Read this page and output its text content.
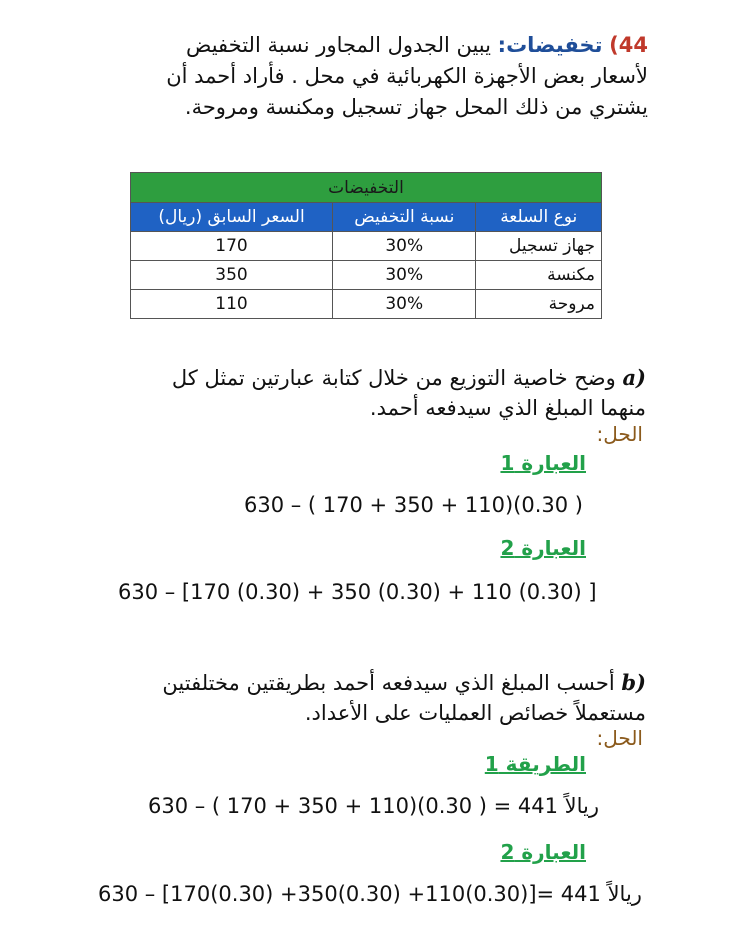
44) تخفيضات: يبين الجدول المجاور نسبة التخفيض لأسعار بعض الأجهزة الكهربائية في محل . فأراد أحمد أن يشتري من ذلك المحل جهاز تسجيل ومكنسة ومروحة.
التخفيضات		
نوع السلعة	نسبة التخفيض	السعر السابق (ريال)
جهاز تسجيل	30%	170
مكنسة	30%	350
مروحة	30%	110
a) وضح خاصية التوزيع من خلال كتابة عبارتين تمثل كل منهما المبلغ الذي سيدفعه أحمد.
الحل:
العبارة 1
630 – ( 170 + 350 + 110)(0.30 )
العبارة 2
630 – [170 (0.30) + 350 (0.30) + 110 (0.30) ]
b) أحسب المبلغ الذي سيدفعه أحمد بطريقتين مختلفتين مستعملاً خصائص العمليات على الأعداد.
الحل:
الطريقة 1
630 – ( 170 + 350 + 110)(0.30 ) = 441 ريالاً
العبارة 2
630 – [170(0.30) +350(0.30) +110(0.30)]= 441 ريالاً
